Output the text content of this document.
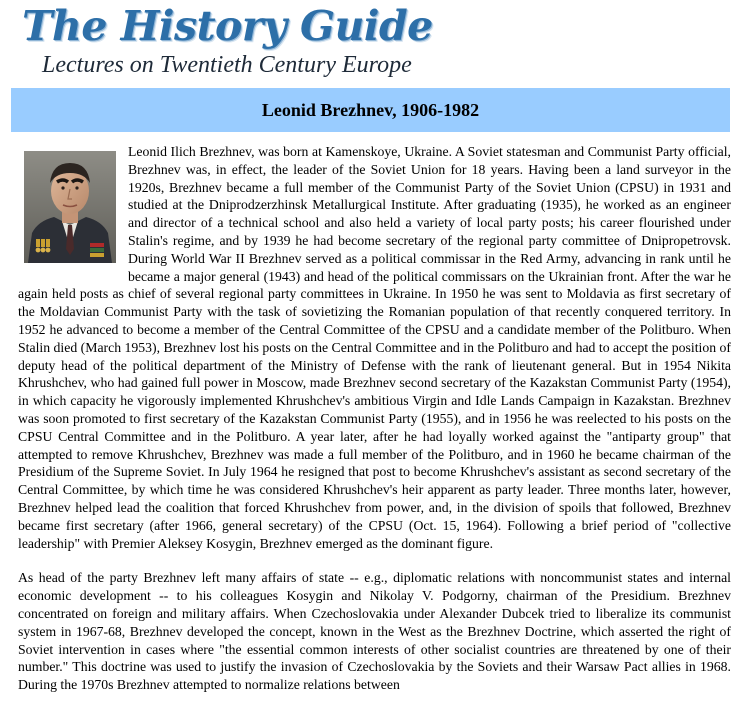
The History Guide
Lectures on Twentieth Century Europe
Leonid Brezhnev, 1906-1982

Leonid Ilich Brezhnev, was born at Kamenskoye, Ukraine. A Soviet statesman and Communist Party official, Brezhnev was, in effect, the leader of the Soviet Union for 18 years. Having been a land surveyor in the 1920s, Brezhnev became a full member of the Communist Party of the Soviet Union (CPSU) in 1931 and studied at the Dniprodzerzhinsk Metallurgical Institute. After graduating (1935), he worked as an engineer and director of a technical school and also held a variety of local party posts; his career flourished under Stalin's regime, and by 1939 he had become secretary of the regional party committee of Dnipropetrovsk. During World War II Brezhnev served as a political commissar in the Red Army, advancing in rank until he became a major general (1943) and head of the political commissars on the Ukrainian front. After the war he again held posts as chief of several regional party committees in Ukraine. In 1950 he was sent to Moldavia as first secretary of the Moldavian Communist Party with the task of sovietizing the Romanian population of that recently conquered territory. In 1952 he advanced to become a member of the Central Committee of the CPSU and a candidate member of the Politburo. When Stalin died (March 1953), Brezhnev lost his posts on the Central Committee and in the Politburo and had to accept the position of deputy head of the political department of the Ministry of Defense with the rank of lieutenant general. But in 1954 Nikita Khrushchev, who had gained full power in Moscow, made Brezhnev second secretary of the Kazakstan Communist Party (1954), in which capacity he vigorously implemented Khrushchev's ambitious Virgin and Idle Lands Campaign in Kazakstan. Brezhnev was soon promoted to first secretary of the Kazakstan Communist Party (1955), and in 1956 he was reelected to his posts on the CPSU Central Committee and in the Politburo. A year later, after he had loyally worked against the "antiparty group" that attempted to remove Khrushchev, Brezhnev was made a full member of the Politburo, and in 1960 he became chairman of the Presidium of the Supreme Soviet. In July 1964 he resigned that post to become Khrushchev's assistant as second secretary of the Central Committee, by which time he was considered Khrushchev's heir apparent as party leader. Three months later, however, Brezhnev helped lead the coalition that forced Khrushchev from power, and, in the division of spoils that followed, Brezhnev became first secretary (after 1966, general secretary) of the CPSU (Oct. 15, 1964). Following a brief period of "collective leadership" with Premier Aleksey Kosygin, Brezhnev emerged as the dominant figure.

As head of the party Brezhnev left many affairs of state -- e.g., diplomatic relations with noncommunist states and internal economic development -- to his colleagues Kosygin and Nikolay V. Podgorny, chairman of the Presidium. Brezhnev concentrated on foreign and military affairs. When Czechoslovakia under Alexander Dubcek tried to liberalize its communist system in 1967-68, Brezhnev developed the concept, known in the West as the Brezhnev Doctrine, which asserted the right of Soviet intervention in cases where "the essential common interests of other socialist countries are threatened by one of their number." This doctrine was used to justify the invasion of Czechoslovakia by the Soviets and their Warsaw Pact allies in 1968. During the 1970s Brezhnev attempted to normalize relations between
